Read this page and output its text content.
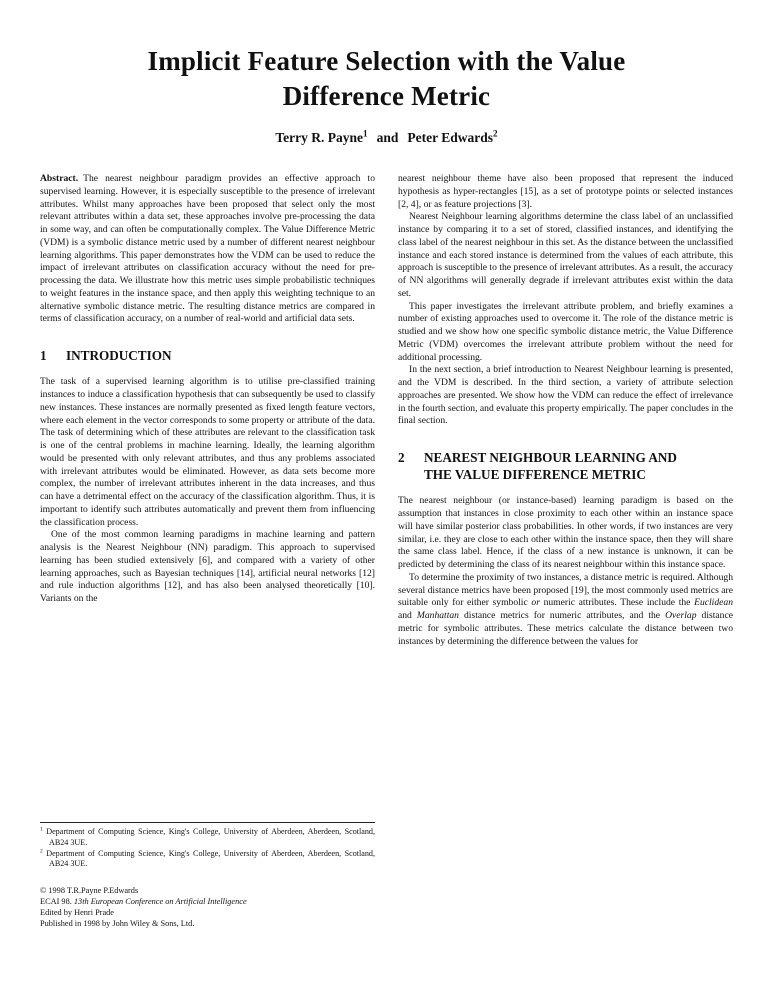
Implicit Feature Selection with the Value
Difference Metric
Terry R. Payne$^1$ and Peter Edwards$^2$

Abstract. The nearest neighbour paradigm provides an effective approach to supervised learning. However, it is especially susceptible to the presence of irrelevant attributes. Whilst many approaches have been proposed that select only the most relevant attributes within a data set, these approaches involve pre-processing the data in some way, and can often be computationally complex. The Value Difference Metric (VDM) is a symbolic distance metric used by a number of different nearest neighbour learning algorithms. This paper demonstrates how the VDM can be used to reduce the impact of irrelevant attributes on classification accuracy without the need for pre-processing the data. We illustrate how this metric uses simple probabilistic techniques to weight features in the instance space, and then apply this weighting technique to an alternative symbolic distance metric. The resulting distance metrics are compared in terms of classification accuracy, on a number of real-world and artificial data sets.

1	INTRODUCTION

The task of a supervised learning algorithm is to utilise pre-classified training instances to induce a classification hypothesis that can subsequently be used to classify new instances. These instances are normally presented as fixed length feature vectors, where each element in the vector corresponds to some property or attribute of the data. The task of determining which of these attributes are relevant to the classification task is one of the central problems in machine learning. Ideally, the learning algorithm would be presented with only relevant attributes, and thus any problems associated with irrelevant attributes would be eliminated. However, as data sets become more complex, the number of irrelevant attributes inherent in the data increases, and thus can have a detrimental effect on the accuracy of the classification algorithm. Thus, it is important to identify such attributes automatically and prevent them from influencing the classification process.

One of the most common learning paradigms in machine learning and pattern analysis is the Nearest Neighbour (NN) paradigm. This approach to supervised learning has been studied extensively [6], and compared with a variety of other learning approaches, such as Bayesian techniques [14], artificial neural networks [12] and rule induction algorithms [12], and has also been analysed theoretically [10]. Variants on the

$^1$ Department of Computing Science, King's College, University of Aberdeen, Aberdeen, Scotland, AB24 3UE.
$^2$ Department of Computing Science, King's College, University of Aberdeen, Aberdeen, Scotland, AB24 3UE.
© 1998 T.R.Payne P.Edwards
ECAI 98. 13th European Conference on Artificial Intelligence
Edited by Henri Prade
Published in 1998 by John Wiley & Sons, Ltd.

nearest neighbour theme have also been proposed that represent the induced hypothesis as hyper-rectangles [15], as a set of prototype points or selected instances [2, 4], or as feature projections [3].

Nearest Neighbour learning algorithms determine the class label of an unclassified instance by comparing it to a set of stored, classified instances, and identifying the class label of the nearest neighbour in this set. As the distance between the unclassified instance and each stored instance is determined from the values of each attribute, this approach is susceptible to the presence of irrelevant attributes. As a result, the accuracy of NN algorithms will generally degrade if irrelevant attributes exist within the data set.

This paper investigates the irrelevant attribute problem, and briefly examines a number of existing approaches used to overcome it. The role of the distance metric is studied and we show how one specific symbolic distance metric, the Value Difference Metric (VDM) overcomes the irrelevant attribute problem without the need for additional processing.

In the next section, a brief introduction to Nearest Neighbour learning is presented, and the VDM is described. In the third section, a variety of attribute selection approaches are presented. We show how the VDM can reduce the effect of irrelevance in the fourth section, and evaluate this property empirically. The paper concludes in the final section.

2	NEAREST NEIGHBOUR LEARNING AND THE VALUE DIFFERENCE METRIC

The nearest neighbour (or instance-based) learning paradigm is based on the assumption that instances in close proximity to each other within an instance space will have similar posterior class probabilities. In other words, if two instances are very similar, i.e. they are close to each other within the instance space, then they will share the same class label. Hence, if the class of a new instance is unknown, it can be predicted by determining the class of its nearest neighbour within this instance space.

To determine the proximity of two instances, a distance metric is required. Although several distance metrics have been proposed [19], the most commonly used metrics are suitable only for either symbolic or numeric attributes. These include the Euclidean and Manhattan distance metrics for numeric attributes, and the Overlap distance metric for symbolic attributes. These metrics calculate the distance between two instances by determining the difference between the values for
